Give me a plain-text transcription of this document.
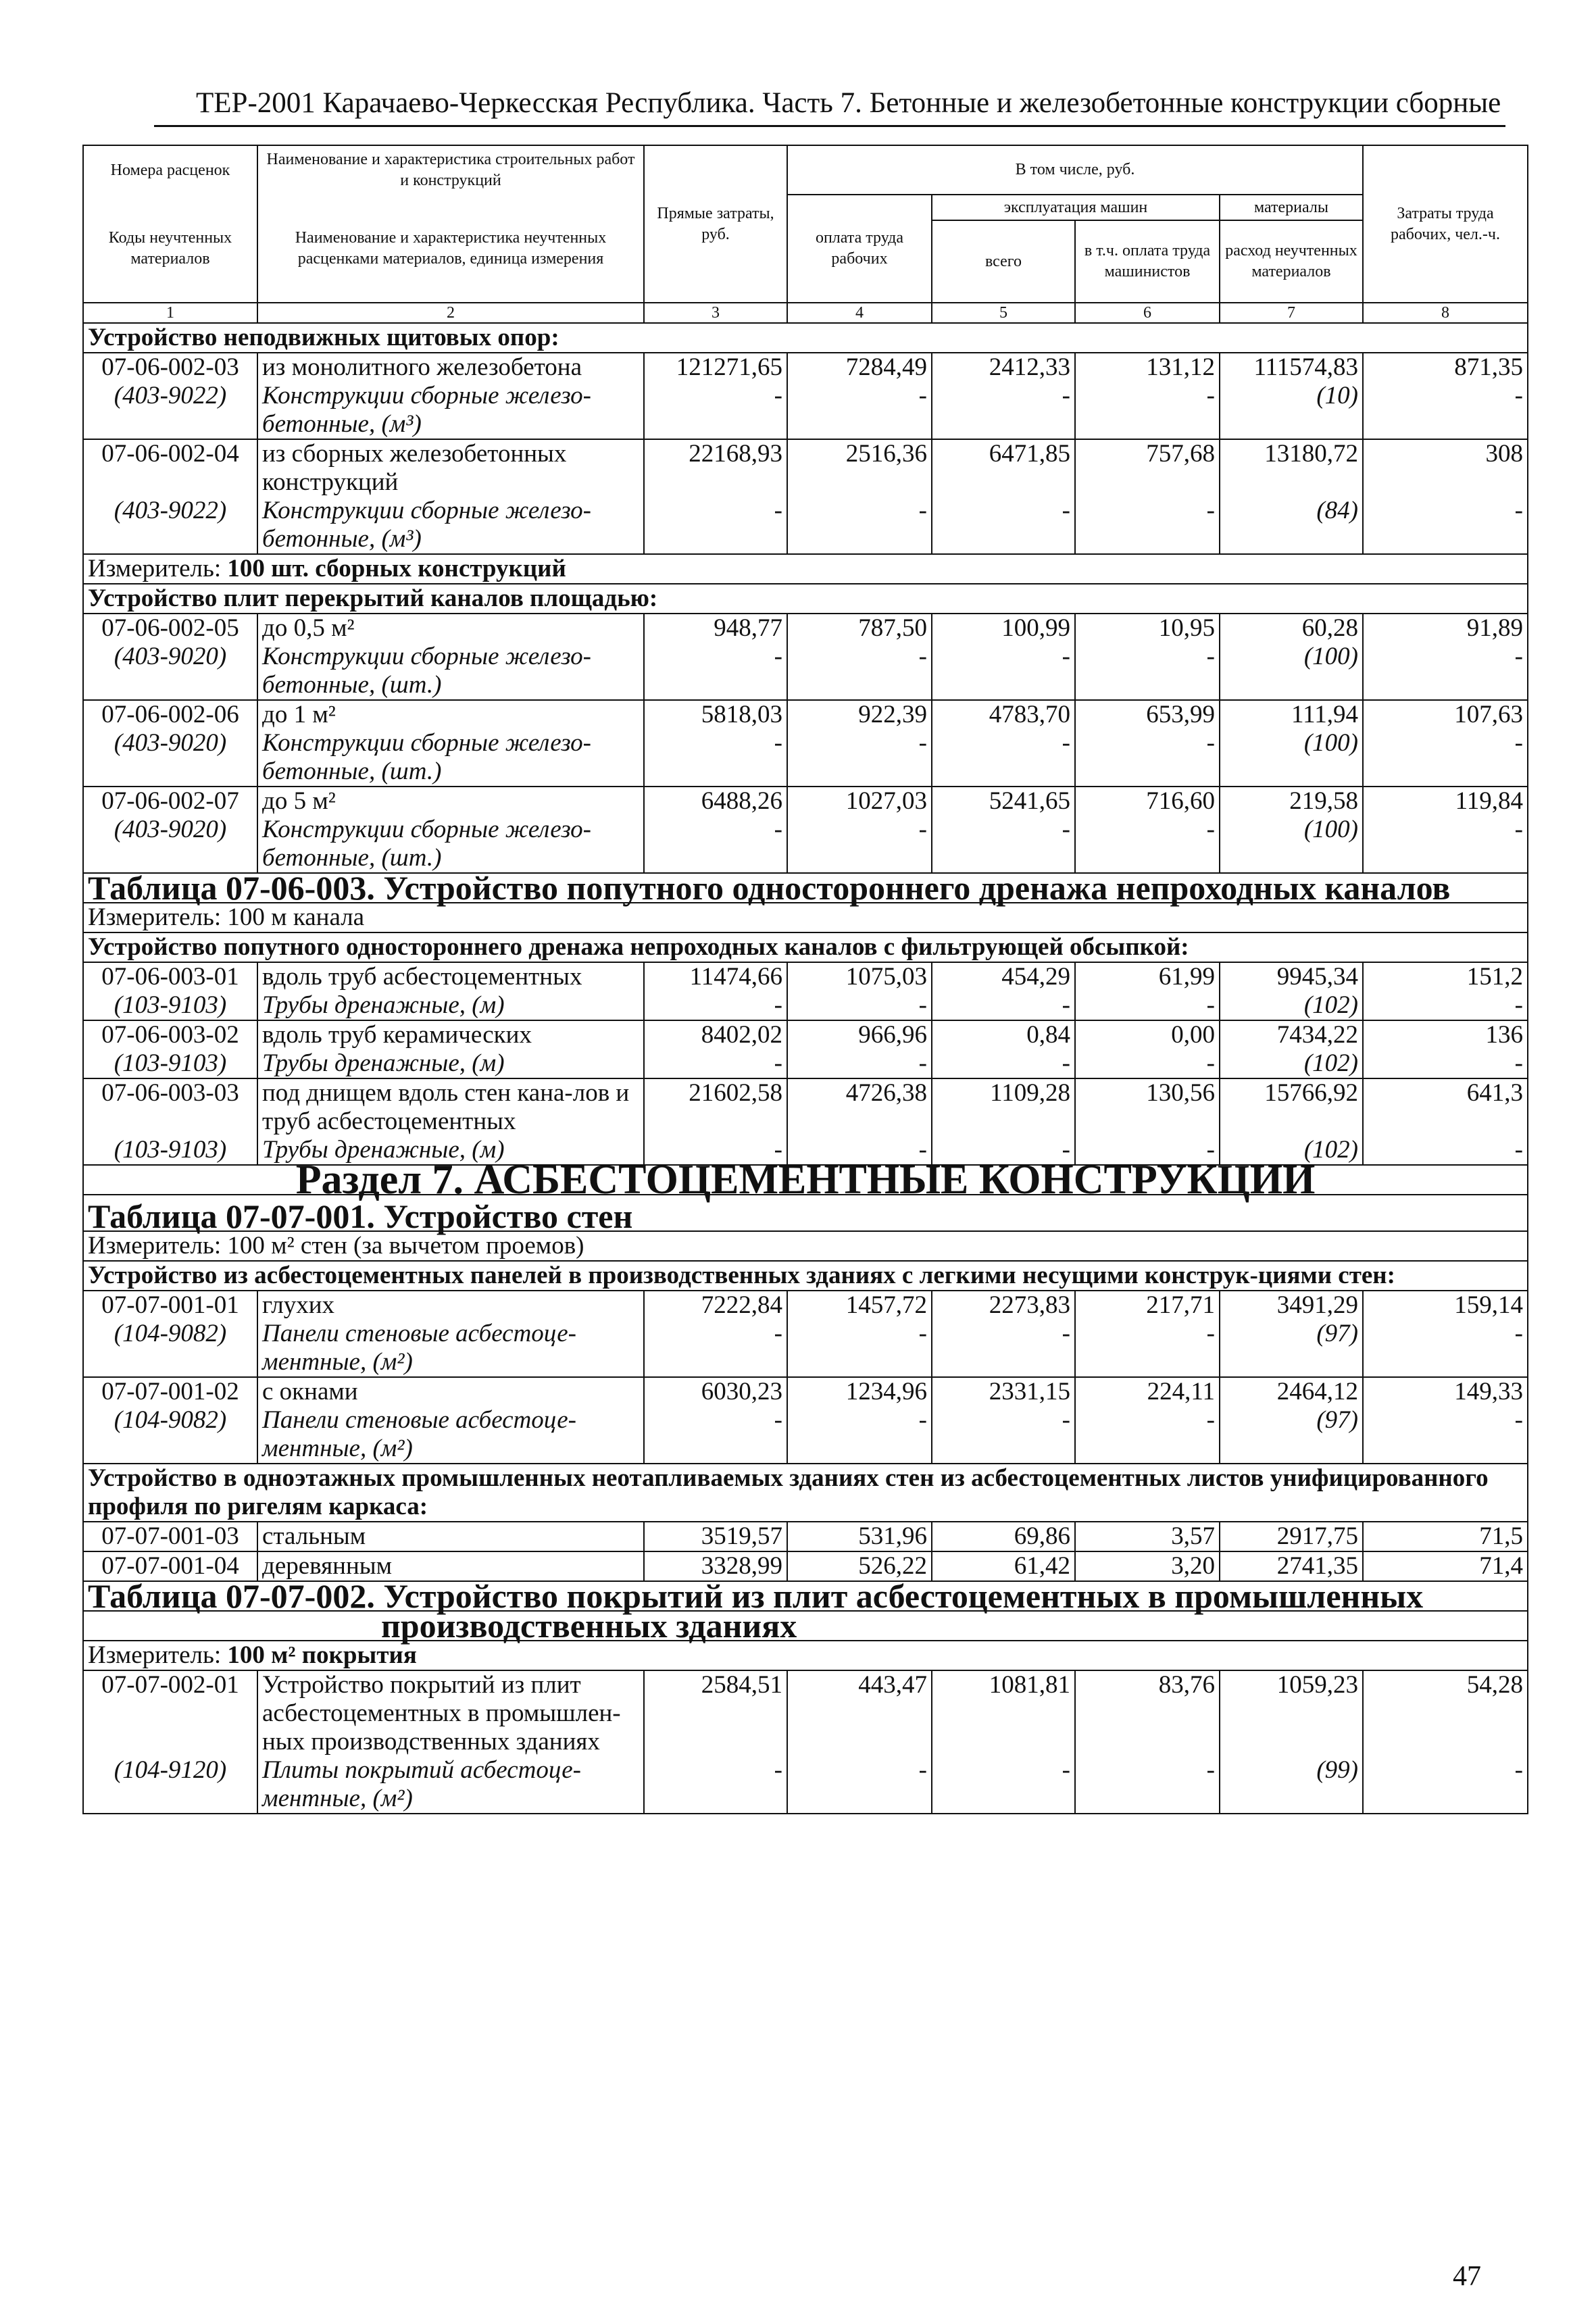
ТЕР-2001 Карачаево-Черкесская Республика. Часть 7. Бетонные и железобетонные конструкции сборные
Номера расценок	Наименование и характеристика строительных работ и конструкций	Прямые затраты, руб.	В том числе, руб.				Затраты труда рабочих, чел.-ч.
Коды неучтенных материалов	Наименование и характеристика неучтенных расценками материалов, единица измерения		оплата труда рабочих	эксплуатация машин		материалы	
				всего	в т.ч. оплата труда машинистов	расход неучтенных материалов	
1	2	3	4	5	6	7	8
Устройство неподвижных щитовых опор:							
07-06-002-03	из монолитного железобетона	121271,65	7284,49	2412,33	131,12	111574,83	871,35
(403-9022)	Конструкции сборные железо-бетонные, (м³)	-	-	-	-	(10)	-
07-06-002-04	из сборных железобетонных конструкций	22168,93	2516,36	6471,85	757,68	13180,72	308
(403-9022)	Конструкции сборные железо-бетонные, (м³)	-	-	-	-	(84)	-
Измеритель: 100 шт. сборных конструкций							
Устройство плит перекрытий каналов площадью:							
07-06-002-05	до 0,5 м²	948,77	787,50	100,99	10,95	60,28	91,89
(403-9020)	Конструкции сборные железо-бетонные, (шт.)	-	-	-	-	(100)	-
07-06-002-06	до 1 м²	5818,03	922,39	4783,70	653,99	111,94	107,63
(403-9020)	Конструкции сборные железо-бетонные, (шт.)	-	-	-	-	(100)	-
07-06-002-07	до 5 м²	6488,26	1027,03	5241,65	716,60	219,58	119,84
(403-9020)	Конструкции сборные железо-бетонные, (шт.)	-	-	-	-	(100)	-
Таблица 07-06-003. Устройство попутного одностороннего дренажа непроходных каналов							
Измеритель: 100 м канала							
Устройство попутного одностороннего дренажа непроходных каналов с фильтрующей обсыпкой:							
07-06-003-01	вдоль труб асбестоцементных	11474,66	1075,03	454,29	61,99	9945,34	151,2
(103-9103)	Трубы дренажные, (м)	-	-	-	-	(102)	-
07-06-003-02	вдоль труб керамических	8402,02	966,96	0,84	0,00	7434,22	136
(103-9103)	Трубы дренажные, (м)	-	-	-	-	(102)	-
07-06-003-03	под днищем вдоль стен кана-лов и труб асбестоцементных	21602,58	4726,38	1109,28	130,56	15766,92	641,3
(103-9103)	Трубы дренажные, (м)	-	-	-	-	(102)	-
Раздел 7. АСБЕСТОЦЕМЕНТНЫЕ КОНСТРУКЦИИ							
Таблица 07-07-001. Устройство стен							
Измеритель: 100 м² стен (за вычетом проемов)							
Устройство из асбестоцементных панелей в производственных зданиях с легкими несущими конструк-циями стен:							
07-07-001-01	глухих	7222,84	1457,72	2273,83	217,71	3491,29	159,14
(104-9082)	Панели стеновые асбестоце-ментные, (м²)	-	-	-	-	(97)	-
07-07-001-02	с окнами	6030,23	1234,96	2331,15	224,11	2464,12	149,33
(104-9082)	Панели стеновые асбестоце-ментные, (м²)	-	-	-	-	(97)	-
Устройство в одноэтажных промышленных неотапливаемых зданиях стен из асбестоцементных листов унифицированного профиля по ригелям каркаса:							
07-07-001-03	стальным	3519,57	531,96	69,86	3,57	2917,75	71,5
07-07-001-04	деревянным	3328,99	526,22	61,42	3,20	2741,35	71,4
Таблица 07-07-002. Устройство покрытий из плит асбестоцементных в промышленных							
производственных зданиях							
Измеритель: 100 м² покрытия							
07-07-002-01	Устройство покрытий из плит асбестоцементных в промышлен-ных производственных зданиях	2584,51	443,47	1081,81	83,76	1059,23	54,28
(104-9120)	Плиты покрытий асбестоце-ментные, (м²)	-	-	-	-	(99)	-
47
